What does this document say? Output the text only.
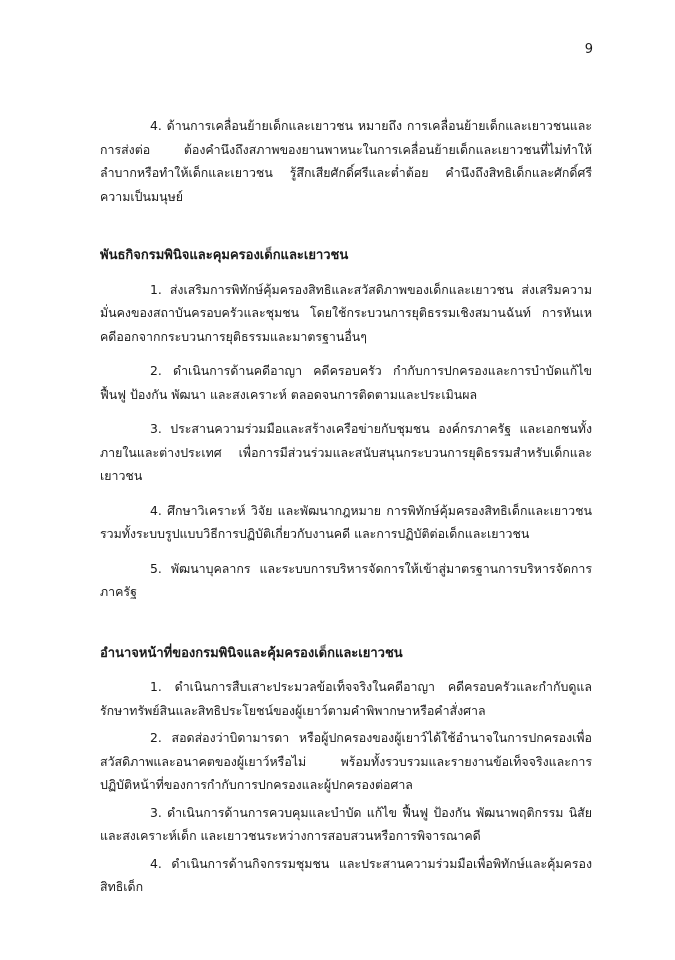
9

4. ด้านการเคลื่อนย้ายเด็กและเยาวชน หมายถึง การเคลื่อนย้ายเด็กและเยาวชนและการส่งต่อ ต้องคำนึงถึงสภาพของยานพาหนะในการเคลื่อนย้ายเด็กและเยาวชนที่ไม่ทำให้ลำบากหรือทำให้เด็กและเยาวชน รู้สึกเสียศักดิ์ศรีและต่ำต้อย คำนึงถึงสิทธิเด็กและศักดิ์ศรีความเป็นมนุษย์

พันธกิจกรมพินิจและคุมครองเด็กและเยาวชน

1. ส่งเสริมการพิทักษ์คุ้มครองสิทธิและสวัสดิภาพของเด็กและเยาวชน ส่งเสริมความมั่นคงของสถาบันครอบครัวและชุมชน โดยใช้กระบวนการยุติธรรมเชิงสมานฉันท์ การหันเหคดีออกจากกระบวนการยุติธรรมและมาตรฐานอื่นๆ

2. ดำเนินการด้านคดีอาญา คดีครอบครัว กำกับการปกครองและการบำบัดแก้ไข ฟื้นฟู ป้องกัน พัฒนา และสงเคราะห์ ตลอดจนการติดตามและประเมินผล

3. ประสานความร่วมมือและสร้างเครือข่ายกับชุมชน องค์กรภาครัฐ และเอกชนทั้งภายในและต่างประเทศ เพื่อการมีส่วนร่วมและสนับสนุนกระบวนการยุติธรรมสำหรับเด็กและเยาวชน

4. ศึกษาวิเคราะห์ วิจัย และพัฒนากฎหมาย การพิทักษ์คุ้มครองสิทธิเด็กและเยาวชน รวมทั้งระบบรูปแบบวิธีการปฏิบัติเกี่ยวกับงานคดี และการปฏิบัติต่อเด็กและเยาวชน

5. พัฒนาบุคลากร และระบบการบริหารจัดการให้เข้าสู่มาตรฐานการบริหารจัดการภาครัฐ

อำนาจหน้าที่ของกรมพินิจและคุ้มครองเด็กและเยาวชน

1. ดำเนินการสืบเสาะประมวลข้อเท็จจริงในคดีอาญา คดีครอบครัวและกำกับดูแลรักษาทรัพย์สินและสิทธิประโยชน์ของผู้เยาว์ตามคำพิพากษาหรือคำสั่งศาล

2. สอดส่องว่าบิดามารดา หรือผู้ปกครองของผู้เยาว์ได้ใช้อำนาจในการปกครองเพื่อสวัสดิภาพและอนาคตของผู้เยาว์หรือไม่ พร้อมทั้งรวบรวมและรายงานข้อเท็จจริงและการปฏิบัติหน้าที่ของการกำกับการปกครองและผู้ปกครองต่อศาล

3. ดำเนินการด้านการควบคุมและบำบัด แก้ไข ฟื้นฟู ป้องกัน พัฒนาพฤติกรรม นิสัยและสงเคราะห์เด็ก และเยาวชนระหว่างการสอบสวนหรือการพิจารณาคดี

4. ดำเนินการด้านกิจกรรมชุมชน และประสานความร่วมมือเพื่อพิทักษ์และคุ้มครองสิทธิเด็ก
